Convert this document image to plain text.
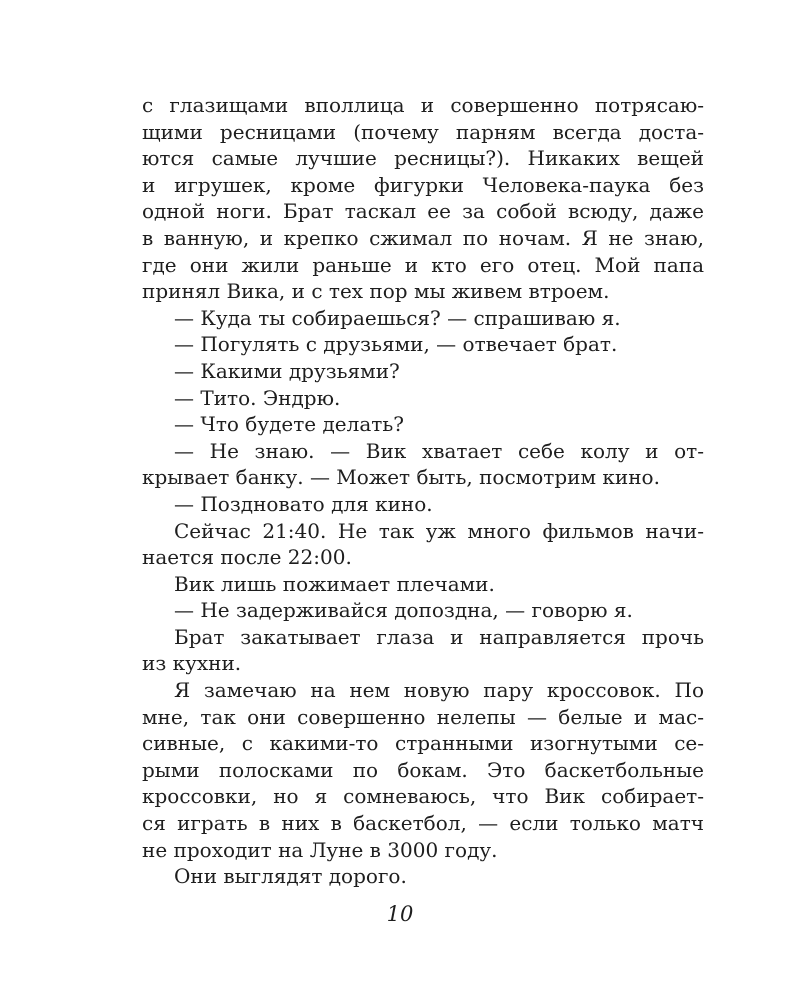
с глазищами вполлица и совершенно потрясаю-
щими ресницами (почему парням всегда доста-
ются самые лучшие ресницы?). Никаких вещей
и игрушек, кроме фигурки Человека-паука без
одной ноги. Брат таскал ее за собой всюду, даже
в ванную, и крепко сжимал по ночам. Я не знаю,
где они жили раньше и кто его отец. Мой папа
принял Вика, и с тех пор мы живем втроем.
— Куда ты собираешься? — спрашиваю я.
— Погулять с друзьями, — отвечает брат.
— Какими друзьями?
— Тито. Эндрю.
— Что будете делать?
— Не знаю. — Вик хватает себе колу и от-
крывает банку. — Может быть, посмотрим кино.
— Поздновато для кино.
Сейчас 21:40. Не так уж много фильмов начи-
нается после 22:00.
Вик лишь пожимает плечами.
— Не задерживайся допоздна, — говорю я.
Брат закатывает глаза и направляется прочь
из кухни.
Я замечаю на нем новую пару кроссовок. По
мне, так они совершенно нелепы — белые и мас-
сивные, с какими-то странными изогнутыми се-
рыми полосками по бокам. Это баскетбольные
кроссовки, но я сомневаюсь, что Вик собирает-
ся играть в них в баскетбол, — если только матч
не проходит на Луне в 3000 году.
Они выглядят дорого.
10
